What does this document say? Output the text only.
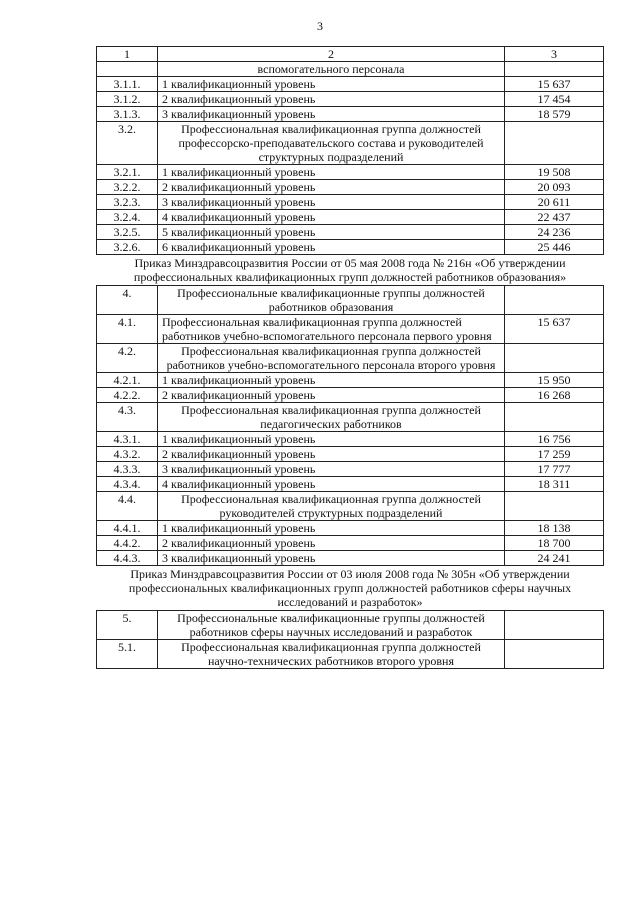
3
1	2	3
	вспомогательного персонала	
3.1.1.	1 квалификационный уровень	15 637
3.1.2.	2 квалификационный уровень	17 454
3.1.3.	3 квалификационный уровень	18 579
3.2.	Профессиональная квалификационная группа должностей профессорско-преподавательского состава и руководителей структурных подразделений	
3.2.1.	1 квалификационный уровень	19 508
3.2.2.	2 квалификационный уровень	20 093
3.2.3.	3 квалификационный уровень	20 611
3.2.4.	4 квалификационный уровень	22 437
3.2.5.	5 квалификационный уровень	24 236
3.2.6.	6 квалификационный уровень	25 446
Приказ Минздравсоцразвития России от 05 мая 2008 года № 216н «Об утверждении профессиональных квалификационных групп должностей работников образования»		
4.	Профессиональные квалификационные группы должностей работников образования	
4.1.	Профессиональная квалификационная группа должностей работников учебно-вспомогательного персонала первого уровня	15 637
4.2.	Профессиональная квалификационная группа должностей работников учебно-вспомогательного персонала второго уровня	
4.2.1.	1 квалификационный уровень	15 950
4.2.2.	2 квалификационный уровень	16 268
4.3.	Профессиональная квалификационная группа должностей педагогических работников	
4.3.1.	1 квалификационный уровень	16 756
4.3.2.	2 квалификационный уровень	17 259
4.3.3.	3 квалификационный уровень	17 777
4.3.4.	4 квалификационный уровень	18 311
4.4.	Профессиональная квалификационная группа должностей руководителей структурных подразделений	
4.4.1.	1 квалификационный уровень	18 138
4.4.2.	2 квалификационный уровень	18 700
4.4.3.	3 квалификационный уровень	24 241
Приказ Минздравсоцразвития России от 03 июля 2008 года № 305н «Об утверждении профессиональных квалификационных групп должностей работников сферы научных исследований и разработок»		
5.	Профессиональные квалификационные группы должностей работников сферы научных исследований и разработок	
5.1.	Профессиональная квалификационная группа должностей научно-технических работников второго уровня	
